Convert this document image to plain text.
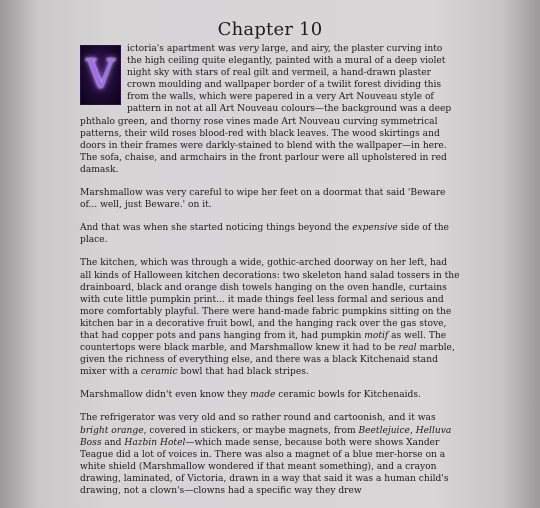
Chapter 10

V
ictoria's apartment was very large, and airy, the plaster curving into the high ceiling quite elegantly, painted with a mural of a deep violet night sky with stars of real gilt and vermeil, a hand-drawn plaster crown moulding and wallpaper border of a twilit forest dividing this from the walls, which were papered in a very Art Nouveau style of pattern in not at all Art Nouveau colours—the background was a deep phthalo green, and thorny rose vines made Art Nouveau curving symmetrical patterns, their wild roses blood-red with black leaves. The wood skirtings and doors in their frames were darkly-stained to blend with the wallpaper—in here. The sofa, chaise, and armchairs in the front parlour were all upholstered in red damask.

Marshmallow was very careful to wipe her feet on a doormat that said 'Beware of... well, just Beware.' on it.

And that was when she started noticing things beyond the expensive side of the place.

The kitchen, which was through a wide, gothic-arched doorway on her left, had all kinds of Halloween kitchen decorations: two skeleton hand salad tossers in the drainboard, black and orange dish towels hanging on the oven handle, curtains with cute little pumpkin print... it made things feel less formal and serious and more comfortably playful. There were hand-made fabric pumpkins sitting on the kitchen bar in a decorative fruit bowl, and the hanging rack over the gas stove, that had copper pots and pans hanging from it, had pumpkin motif as well. The countertops were black marble, and Marshmallow knew it had to be real marble, given the richness of everything else, and there was a black Kitchenaid stand mixer with a ceramic bowl that had black stripes.

Marshmallow didn't even know they made ceramic bowls for Kitchenaids.

The refrigerator was very old and so rather round and cartoonish, and it was bright orange, covered in stickers, or maybe magnets, from Beetlejuice, Helluva Boss and Hazbin Hotel—which made sense, because both were shows Xander Teague did a lot of voices in. There was also a magnet of a blue mer-horse on a white shield (Marshmallow wondered if that meant something), and a crayon drawing, laminated, of Victoria, drawn in a way that said it was a human child's drawing, not a clown's—clowns had a specific way they drew
